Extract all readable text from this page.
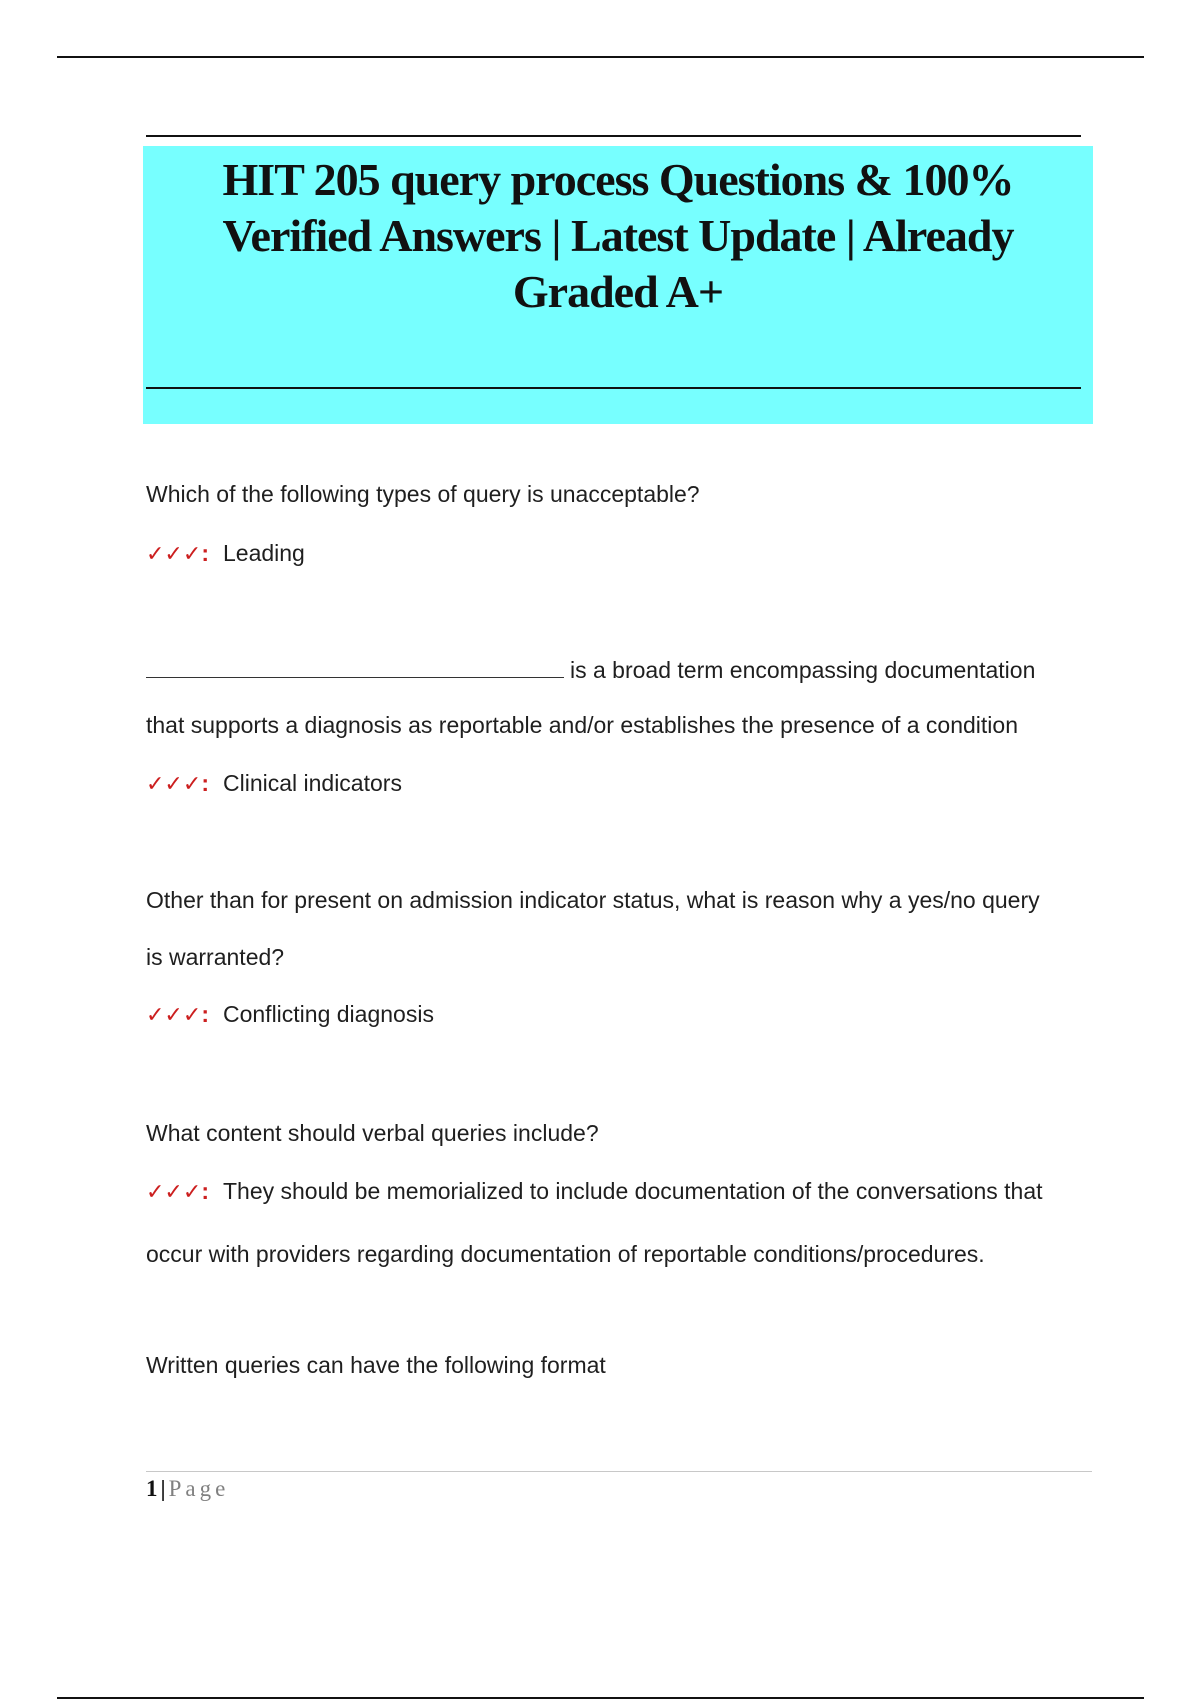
HIT 205 query process Questions & 100%
Verified Answers | Latest Update | Already
Graded A+
Which of the following types of query is unacceptable?
✓✓✓: Leading
is a broad term encompassing documentation
that supports a diagnosis as reportable and/or establishes the presence of a condition
✓✓✓: Clinical indicators
Other than for present on admission indicator status, what is reason why a yes/no query
is warranted?
✓✓✓: Conflicting diagnosis
What content should verbal queries include?
✓✓✓: They should be memorialized to include documentation of the conversations that
occur with providers regarding documentation of reportable conditions/procedures.
Written queries can have the following format
1 | Page
